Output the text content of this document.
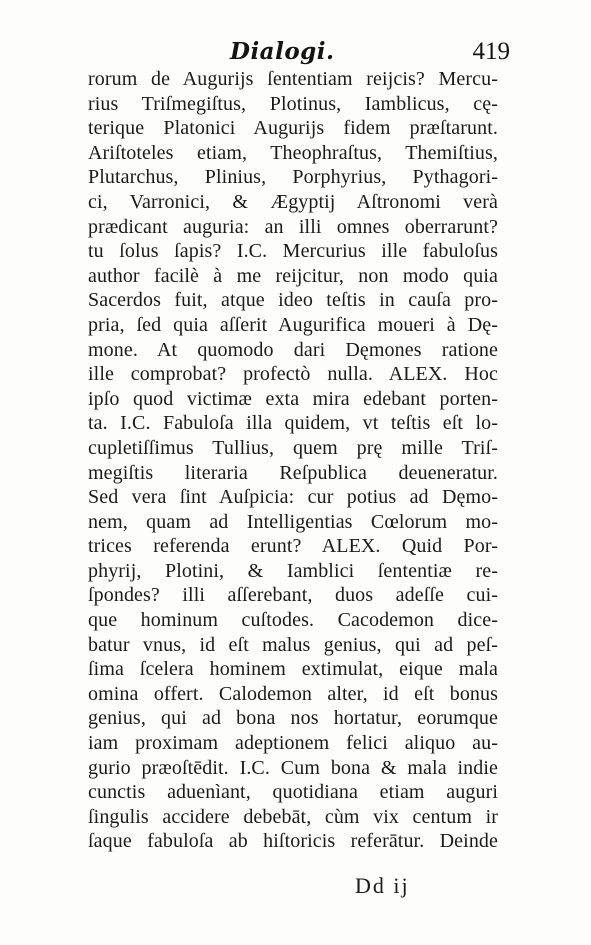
Dialogi.	419
rorum de Augurijs ſententiam reijcis? Mercu-
rius Triſmegiſtus, Plotinus, Iamblicus, cę-
terique Platonici Augurijs fidem præſtarunt.
Ariſtoteles etiam, Theophraſtus, Themiſtius,
Plutarchus, Plinius, Porphyrius, Pythagori-
ci, Varronici, & Ægyptij Aſtronomi verà
prædicant auguria: an illi omnes oberrarunt?
tu ſolus ſapis? I.C. Mercurius ille fabuloſus
author facilè à me reijcitur, non modo quia
Sacerdos fuit, atque ideo teſtis in cauſa pro-
pria, ſed quia aſſerit Augurifica moueri à Dę-
mone. At quomodo dari Dęmones ratione
ille comprobat? profectò nulla. ALEX. Hoc
ipſo quod victimæ exta mira edebant porten-
ta. I.C. Fabuloſa illa quidem, vt teſtis eſt lo-
cupletiſſimus Tullius, quem prę mille Triſ-
megiſtis literaria Reſpublica deueneratur.
Sed vera ſint Auſpicia: cur potius ad Dęmo-
nem, quam ad Intelligentias Cœlorum mo-
trices referenda erunt? ALEX. Quid Por-
phyrij, Plotini, & Iamblici ſententiæ re-
ſpondes? illi aſſerebant, duos adeſſe cui-
que hominum cuſtodes. Cacodemon dice-
batur vnus, id eſt malus genius, qui ad peſ-
ſima ſcelera hominem extimulat, eique mala
omina offert. Calodemon alter, id eſt bonus
genius, qui ad bona nos hortatur, eorumque
iam proximam adeptionem felici aliquo au-
gurio præoſtēdit. I.C. Cum bona & mala indie
cunctis aduenìant, quotidiana etiam auguri
ſingulis accidere debebāt, cùm vix centum ir
ſaque fabuloſa ab hiſtoricis referātur. Deinde
Dd ij
